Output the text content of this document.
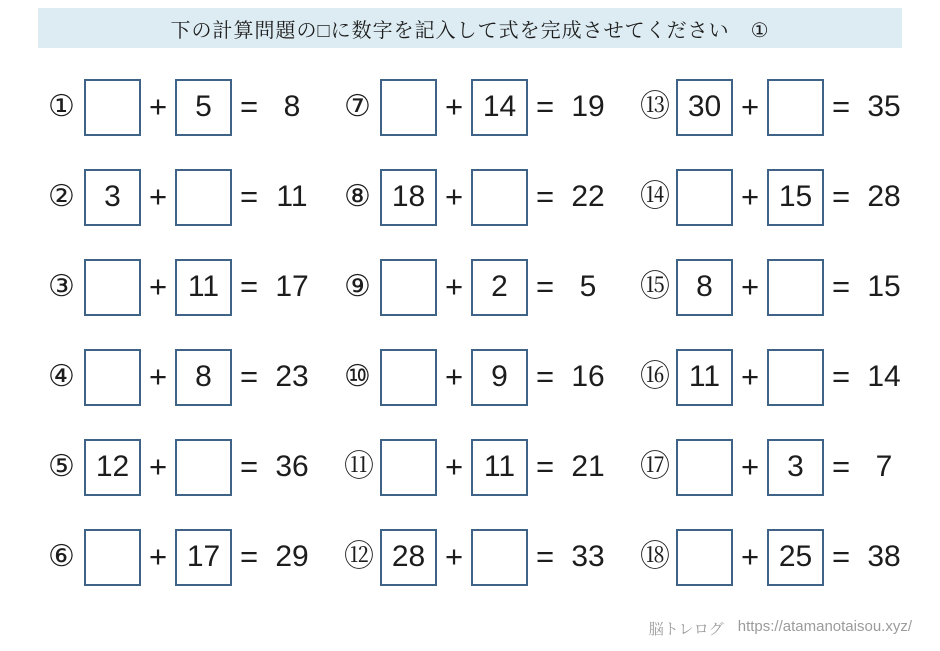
下の計算問題の□に数字を記入して式を完成させてください　①
① + 5 = 8
② 3 + = 11
③ + 11 = 17
④ + 8 = 23
⑤ 12 + = 36
⑥ + 17 = 29
⑦ + 14 = 19
⑧ 18 + = 22
⑨ + 2 = 5
⑩ + 9 = 16
⑪ + 11 = 21
⑫ 28 + = 33
⑬ 30 + = 35
⑭ + 15 = 28
⑮ 8 + = 15
⑯ 11 + = 14
⑰ + 3 = 7
⑱ + 25 = 38
脳トレログ https://atamanotaisou.xyz/
